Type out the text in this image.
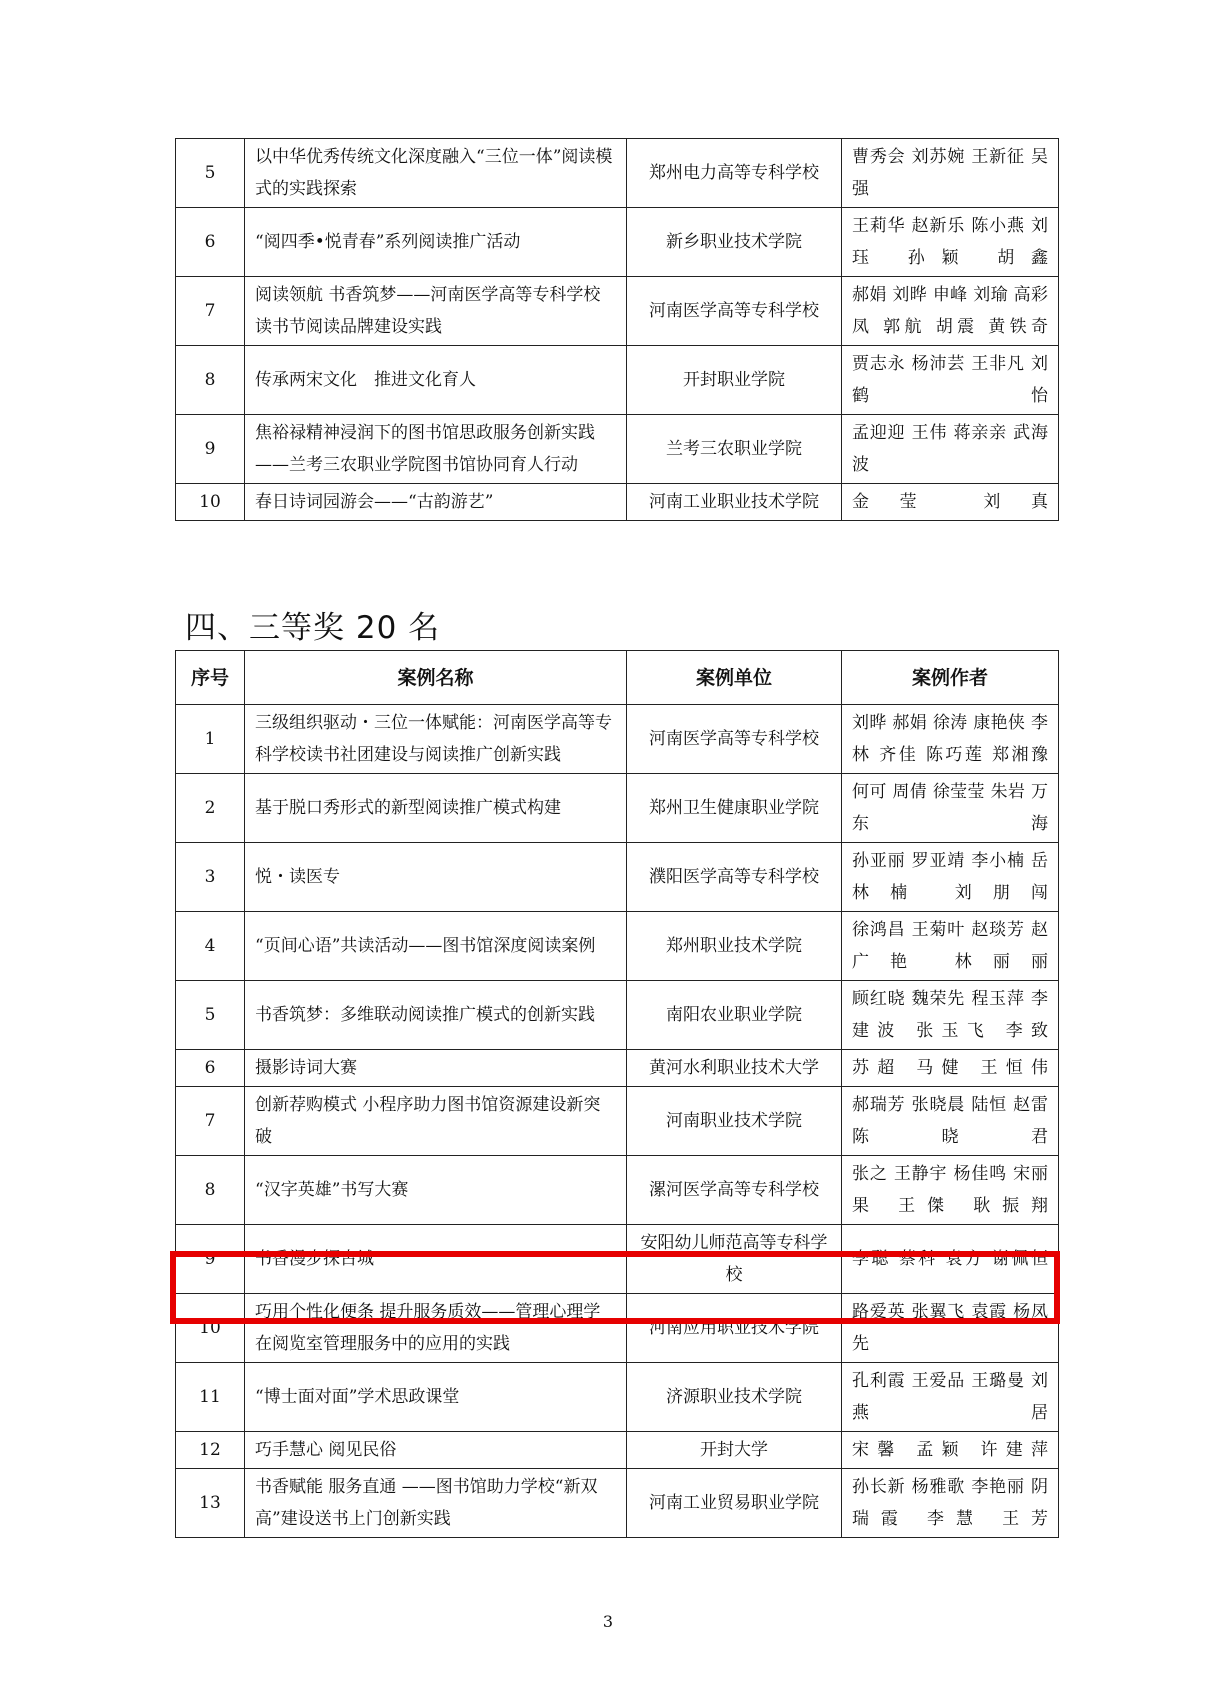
5	以中华优秀传统文化深度融入“三位一体”阅读模式的实践探索	郑州电力高等专科学校	曹秀会 刘苏婉 王新征 吴强
6	“阅四季•悦青春”系列阅读推广活动	新乡职业技术学院	王莉华 赵新乐 陈小燕 刘珏 孙颖 胡鑫
7	阅读领航 书香筑梦——河南医学高等专科学校读书节阅读品牌建设实践	河南医学高等专科学校	郝娟 刘晔 申峰 刘瑜 高彩凤 郭航 胡震 黄铁奇
8	传承两宋文化　推进文化育人	开封职业学院	贾志永 杨沛芸 王非凡 刘鹤怡
9	焦裕禄精神浸润下的图书馆思政服务创新实践——兰考三农职业学院图书馆协同育人行动	兰考三农职业学院	孟迎迎 王伟 蒋亲亲 武海波
10	春日诗词园游会——“古韵游艺”	河南工业职业技术学院	金莹 刘真
四、三等奖 20 名
序号	案例名称	案例单位	案例作者
1	三级组织驱动・三位一体赋能：河南医学高等专科学校读书社团建设与阅读推广创新实践	河南医学高等专科学校	刘晔 郝娟 徐涛 康艳侠 李林 齐佳 陈巧莲 郑湘豫
2	基于脱口秀形式的新型阅读推广模式构建	郑州卫生健康职业学院	何可 周倩 徐莹莹 朱岩 万东海
3	悦・读医专	濮阳医学高等专科学校	孙亚丽 罗亚靖 李小楠 岳林楠 刘朋闯
4	“页间心语”共读活动——图书馆深度阅读案例	郑州职业技术学院	徐鸿昌 王菊叶 赵琰芳 赵广艳 林丽丽
5	书香筑梦：多维联动阅读推广模式的创新实践	南阳农业职业学院	顾红晓 魏荣先 程玉萍 李建波 张玉飞 李致
6	摄影诗词大赛	黄河水利职业技术大学	苏超 马健 王恒伟
7	创新荐购模式 小程序助力图书馆资源建设新突破	河南职业技术学院	郝瑞芳 张晓晨 陆恒 赵雷 陈晓君
8	“汉字英雄”书写大赛	漯河医学高等专科学校	张之 王静宇 杨佳鸣 宋丽果 王傑 耿振翔
9	书香漫步探古城	安阳幼儿师范高等专科学校	李聪 蔡科 袁方 谢佩恒
10	巧用个性化便条 提升服务质效——管理心理学在阅览室管理服务中的应用的实践	河南应用职业技术学院	路爱英 张翼飞 袁霞 杨凤先
11	“博士面对面”学术思政课堂	济源职业技术学院	孔利霞 王爱品 王璐曼 刘燕居
12	巧手慧心 阅见民俗	开封大学	宋馨 孟颖 许建萍
13	书香赋能 服务直通 ——图书馆助力学校“新双高”建设送书上门创新实践	河南工业贸易职业学院	孙长新 杨雅歌 李艳丽 阴瑞霞 李慧 王芳
3
